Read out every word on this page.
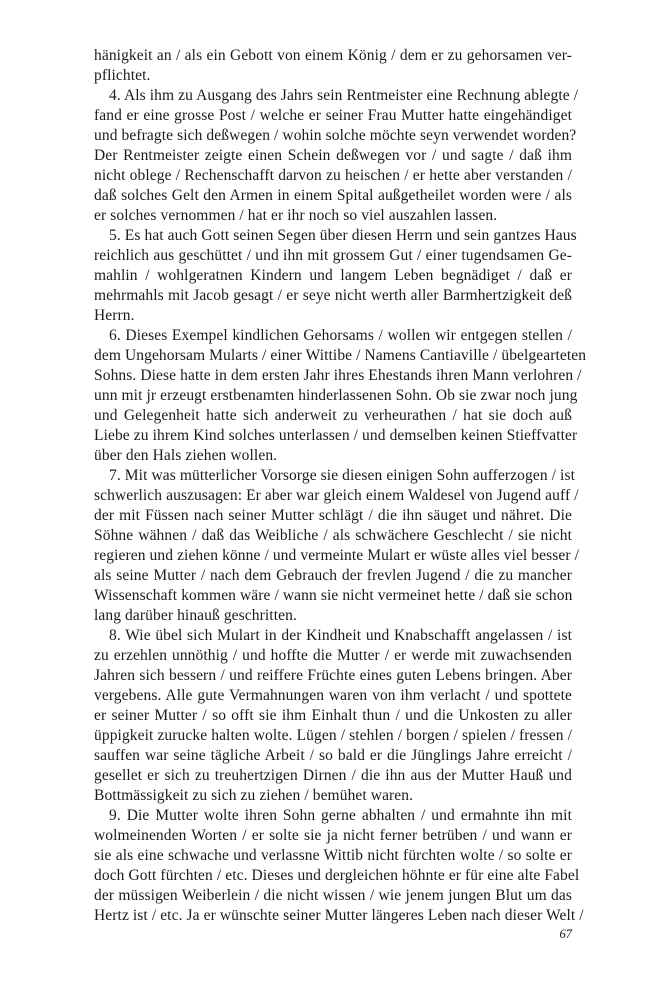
hänigkeit an / als ein Gebott von einem König / dem er zu gehorsamen ver-
pflichtet.
4. Als ihm zu Ausgang des Jahrs sein Rentmeister eine Rechnung ablegte /
fand er eine grosse Post / welche er seiner Frau Mutter hatte eingehändiget
und befragte sich deßwegen / wohin solche möchte seyn verwendet worden?
Der Rentmeister zeigte einen Schein deßwegen vor / und sagte / daß ihm
nicht oblege / Rechenschafft darvon zu heischen / er hette aber verstanden /
daß solches Gelt den Armen in einem Spital außgetheilet worden were / als
er solches vernommen / hat er ihr noch so viel auszahlen lassen.
5. Es hat auch Gott seinen Segen über diesen Herrn und sein gantzes Haus
reichlich aus geschüttet / und ihn mit grossem Gut / einer tugendsamen Ge-
mahlin / wohlgeratnen Kindern und langem Leben begnädiget / daß er
mehrmahls mit Jacob gesagt / er seye nicht werth aller Barmhertzigkeit deß
Herrn.
6. Dieses Exempel kindlichen Gehorsams / wollen wir entgegen stellen /
dem Ungehorsam Mularts / einer Wittibe / Namens Cantiaville / übelgearteten
Sohns. Diese hatte in dem ersten Jahr ihres Ehestands ihren Mann verlohren /
unn mit jr erzeugt erstbenamten hinderlassenen Sohn. Ob sie zwar noch jung
und Gelegenheit hatte sich anderweit zu verheurathen / hat sie doch auß
Liebe zu ihrem Kind solches unterlassen / und demselben keinen Stieffvatter
über den Hals ziehen wollen.
7. Mit was mütterlicher Vorsorge sie diesen einigen Sohn aufferzogen / ist
schwerlich auszusagen: Er aber war gleich einem Waldesel von Jugend auff /
der mit Füssen nach seiner Mutter schlägt / die ihn säuget und nähret. Die
Söhne wähnen / daß das Weibliche / als schwächere Geschlecht / sie nicht
regieren und ziehen könne / und vermeinte Mulart er wüste alles viel besser /
als seine Mutter / nach dem Gebrauch der frevlen Jugend / die zu mancher
Wissenschaft kommen wäre / wann sie nicht vermeinet hette / daß sie schon
lang darüber hinauß geschritten.
8. Wie übel sich Mulart in der Kindheit und Knabschafft angelassen / ist
zu erzehlen unnöthig / und hoffte die Mutter / er werde mit zuwachsenden
Jahren sich bessern / und reiffere Früchte eines guten Lebens bringen. Aber
vergebens. Alle gute Vermahnungen waren von ihm verlacht / und spottete
er seiner Mutter / so offt sie ihm Einhalt thun / und die Unkosten zu aller
üppigkeit zurucke halten wolte. Lügen / stehlen / borgen / spielen / fressen /
sauffen war seine tägliche Arbeit / so bald er die Jünglings Jahre erreicht /
gesellet er sich zu treuhertzigen Dirnen / die ihn aus der Mutter Hauß und
Bottmässigkeit zu sich zu ziehen / bemühet waren.
9. Die Mutter wolte ihren Sohn gerne abhalten / und ermahnte ihn mit
wolmeinenden Worten / er solte sie ja nicht ferner betrüben / und wann er
sie als eine schwache und verlassne Wittib nicht fürchten wolte / so solte er
doch Gott fürchten / etc. Dieses und dergleichen höhnte er für eine alte Fabel
der müssigen Weiberlein / die nicht wissen / wie jenem jungen Blut um das
Hertz ist / etc. Ja er wünschte seiner Mutter längeres Leben nach dieser Welt /
67
